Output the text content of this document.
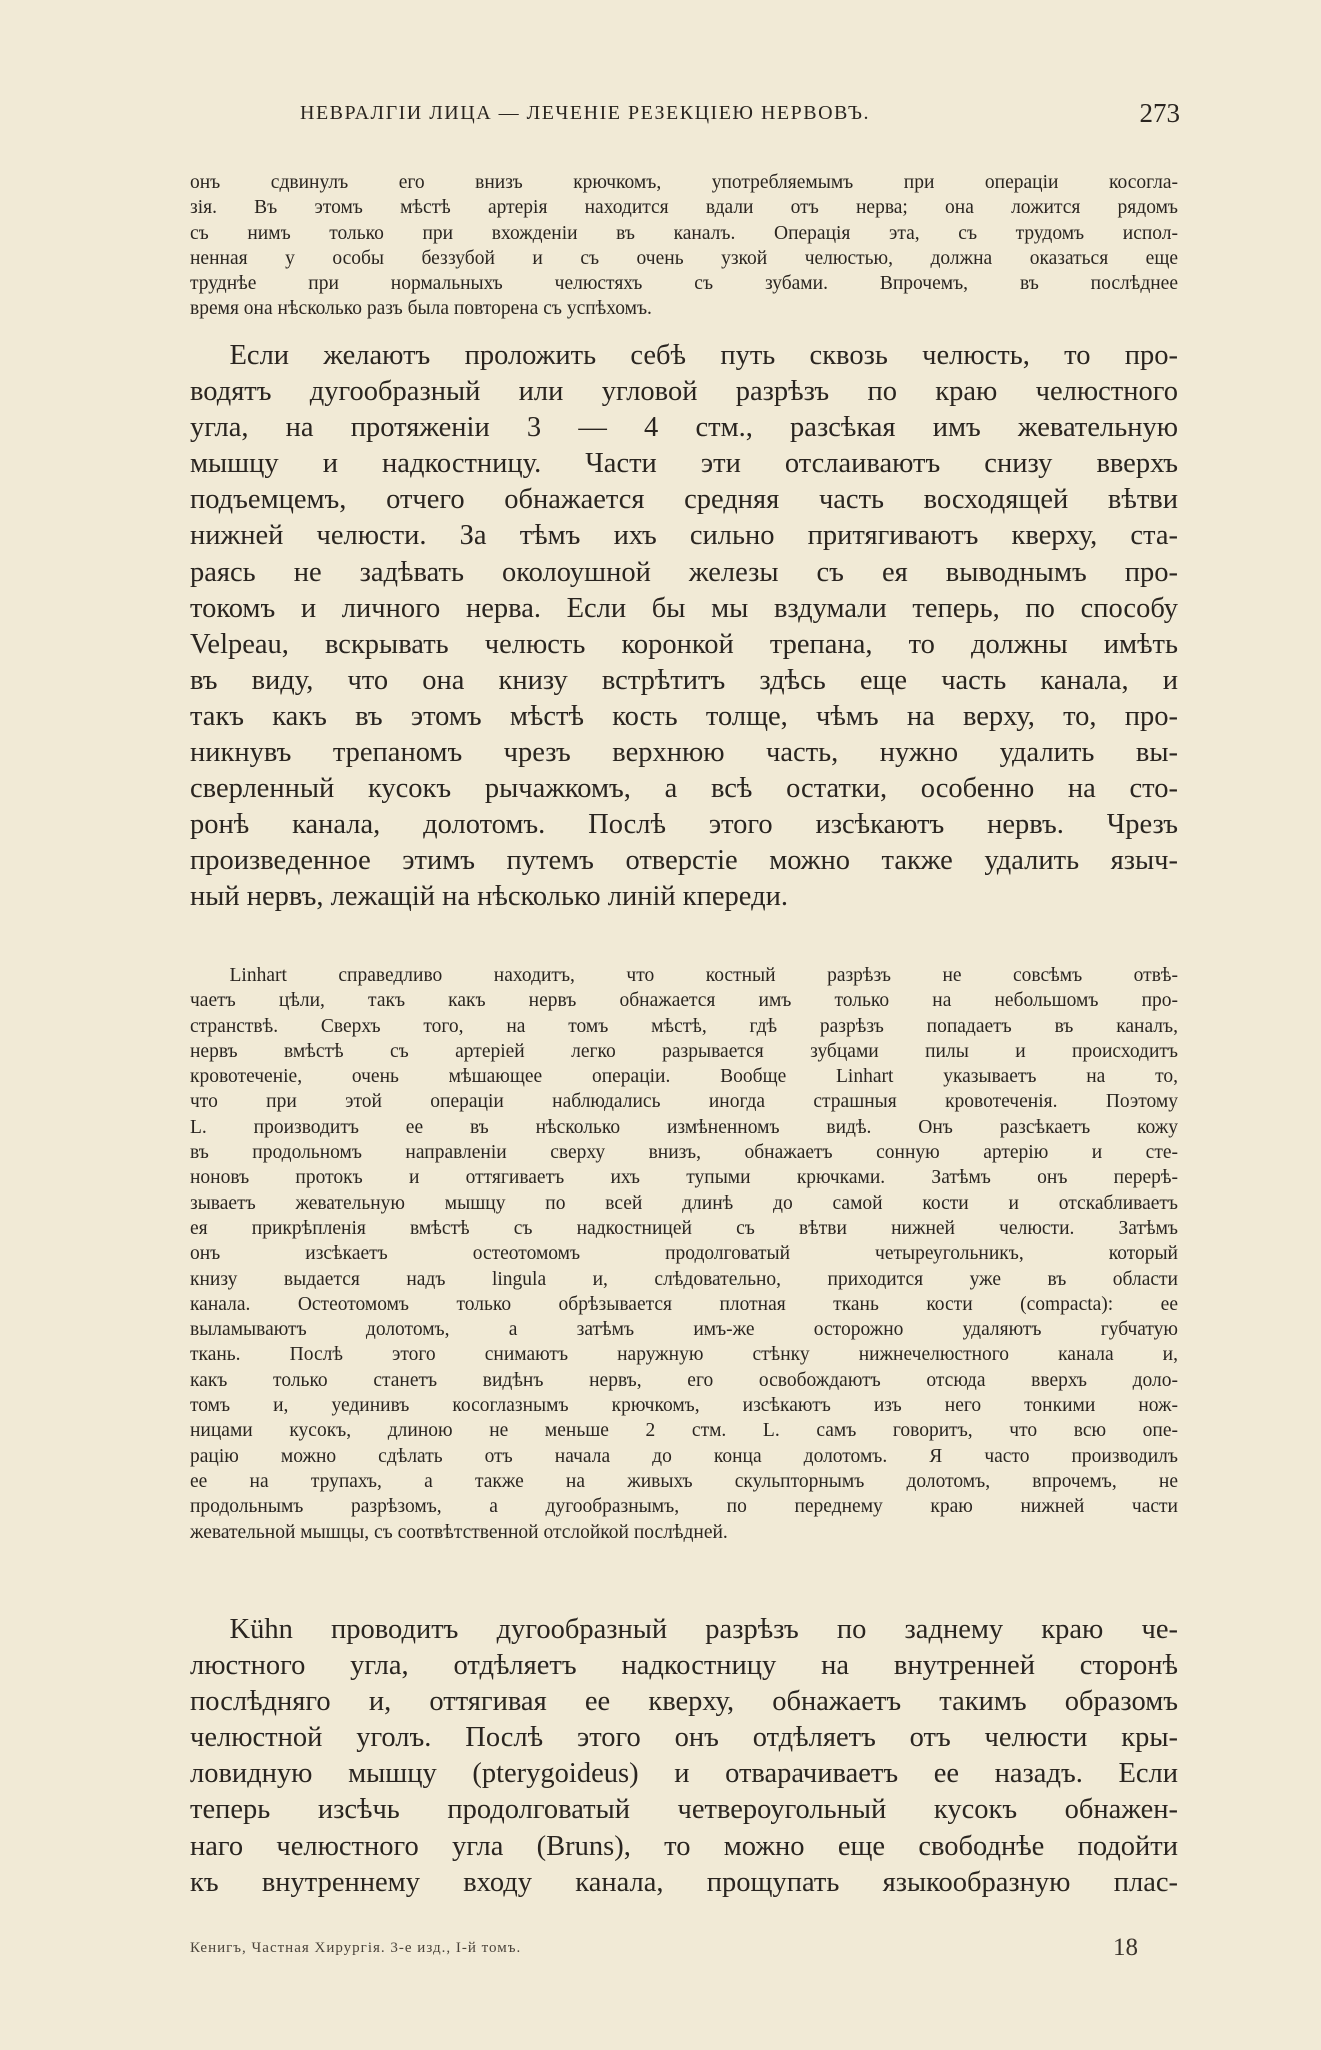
НЕВРАЛГІИ ЛИЦА — ЛЕЧЕНІЕ РЕЗЕКЦІЕЮ НЕРВОВЪ.	273
онъ сдвинулъ его внизъ крючкомъ, употребляемымъ при операціи косогла-
зія. Въ этомъ мѣстѣ артерія находится вдали отъ нерва; она ложится рядомъ
съ нимъ только при вхожденіи въ каналъ. Операція эта, съ трудомъ испол-
ненная у особы беззубой и съ очень узкой челюстью, должна оказаться еще
труднѣе при нормальныхъ челюстяхъ съ зубами. Впрочемъ, въ послѣднее
время она нѣсколько разъ была повторена съ успѣхомъ.
Если желаютъ проложить себѣ путь сквозь челюсть, то про-
водятъ дугообразный или угловой разрѣзъ по краю челюстного
угла, на протяженіи 3 — 4 стм., разсѣкая имъ жевательную
мышцу и надкостницу. Части эти отслаиваютъ снизу вверхъ
подъемцемъ, отчего обнажается средняя часть восходящей вѣтви
нижней челюсти. За тѣмъ ихъ сильно притягиваютъ кверху, ста-
раясь не задѣвать околоушной железы съ ея выводнымъ про-
токомъ и личного нерва. Если бы мы вздумали теперь, по способу
Velpeau, вскрывать челюсть коронкой трепана, то должны имѣть
въ виду, что она книзу встрѣтитъ здѣсь еще часть канала, и
такъ какъ въ этомъ мѣстѣ кость толще, чѣмъ на верху, то, про-
никнувъ трепаномъ чрезъ верхнюю часть, нужно удалить вы-
сверленный кусокъ рычажкомъ, а всѣ остатки, особенно на сто-
ронѣ канала, долотомъ. Послѣ этого изсѣкаютъ нервъ. Чрезъ
произведенное этимъ путемъ отверстіе можно также удалить языч-
ный нервъ, лежащій на нѣсколько линій кпереди.
Linhart справедливо находитъ, что костный разрѣзъ не совсѣмъ отвѣ-
чаетъ цѣли, такъ какъ нервъ обнажается имъ только на небольшомъ про-
странствѣ. Сверхъ того, на томъ мѣстѣ, гдѣ разрѣзъ попадаетъ въ каналъ,
нервъ вмѣстѣ съ артеріей легко разрывается зубцами пилы и происходитъ
кровотеченіе, очень мѣшающее операціи. Вообще Linhart указываетъ на то,
что при этой операціи наблюдались иногда страшныя кровотеченія. Поэтому
L. производитъ ее въ нѣсколько измѣненномъ видѣ. Онъ разсѣкаетъ кожу
въ продольномъ направленіи сверху внизъ, обнажаетъ сонную артерію и сте-
ноновъ протокъ и оттягиваетъ ихъ тупыми крючками. Затѣмъ онъ перерѣ-
зываетъ жевательную мышцу по всей длинѣ до самой кости и отскабливаетъ
ея прикрѣпленія вмѣстѣ съ надкостницей съ вѣтви нижней челюсти. Затѣмъ
онъ изсѣкаетъ остеотомомъ продолговатый четыреугольникъ, который
книзу выдается надъ lingula и, слѣдовательно, приходится уже въ области
канала. Остеотомомъ только обрѣзывается плотная ткань кости (compacta): ее
выламываютъ долотомъ, а затѣмъ имъ-же осторожно удаляютъ губчатую
ткань. Послѣ этого снимаютъ наружную стѣнку нижнечелюстного канала и,
какъ только станетъ видѣнъ нервъ, его освобождаютъ отсюда вверхъ доло-
томъ и, уединивъ косоглазнымъ крючкомъ, изсѣкаютъ изъ него тонкими нож-
ницами кусокъ, длиною не меньше 2 стм. L. самъ говоритъ, что всю опе-
рацію можно сдѣлать отъ начала до конца долотомъ. Я часто производилъ
ее на трупахъ, а также на живыхъ скульпторнымъ долотомъ, впрочемъ, не
продольнымъ разрѣзомъ, а дугообразнымъ, по переднему краю нижней части
жевательной мышцы, съ соотвѣтственной отслойкой послѣдней.
Kühn проводитъ дугообразный разрѣзъ по заднему краю че-
люстного угла, отдѣляетъ надкостницу на внутренней сторонѣ
послѣдняго и, оттягивая ее кверху, обнажаетъ такимъ образомъ
челюстной уголъ. Послѣ этого онъ отдѣляетъ отъ челюсти кры-
ловидную мышцу (pterygoideus) и отварачиваетъ ее назадъ. Если
теперь изсѣчь продолговатый четвероугольный кусокъ обнажен-
наго челюстного угла (Bruns), то можно еще свободнѣе подойти
къ внутреннему входу канала, прощупать языкообразную плас-
Кенигъ, Частная Хирургія. 3-е изд., І-й томъ.	18
